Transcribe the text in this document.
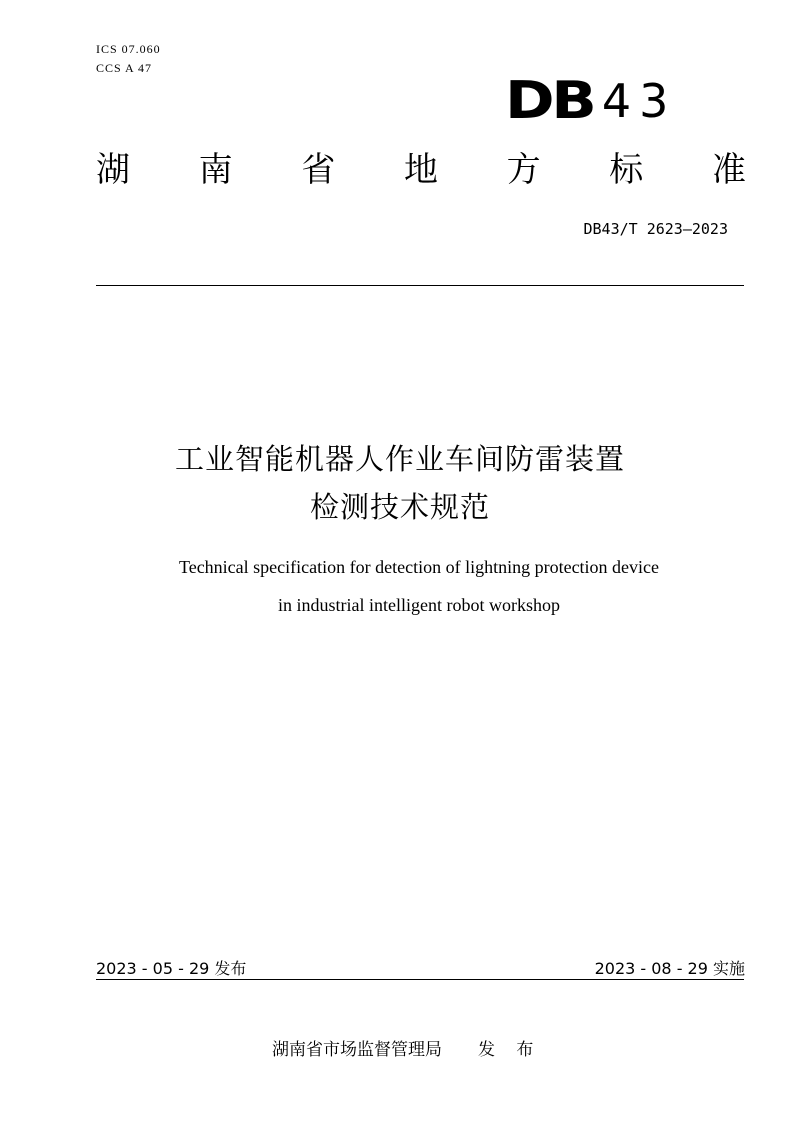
ICS 07.060
CCS A 47
DB 43
湖 南 省 地 方 标 准
DB43/T 2623—2023
工业智能机器人作业车间防雷装置
检测技术规范
Technical specification for detection of lightning protection device
in industrial intelligent robot workshop
2023 - 05 - 29 发布	2023 - 08 - 29 实施
湖南省市场监督管理局 发 布
